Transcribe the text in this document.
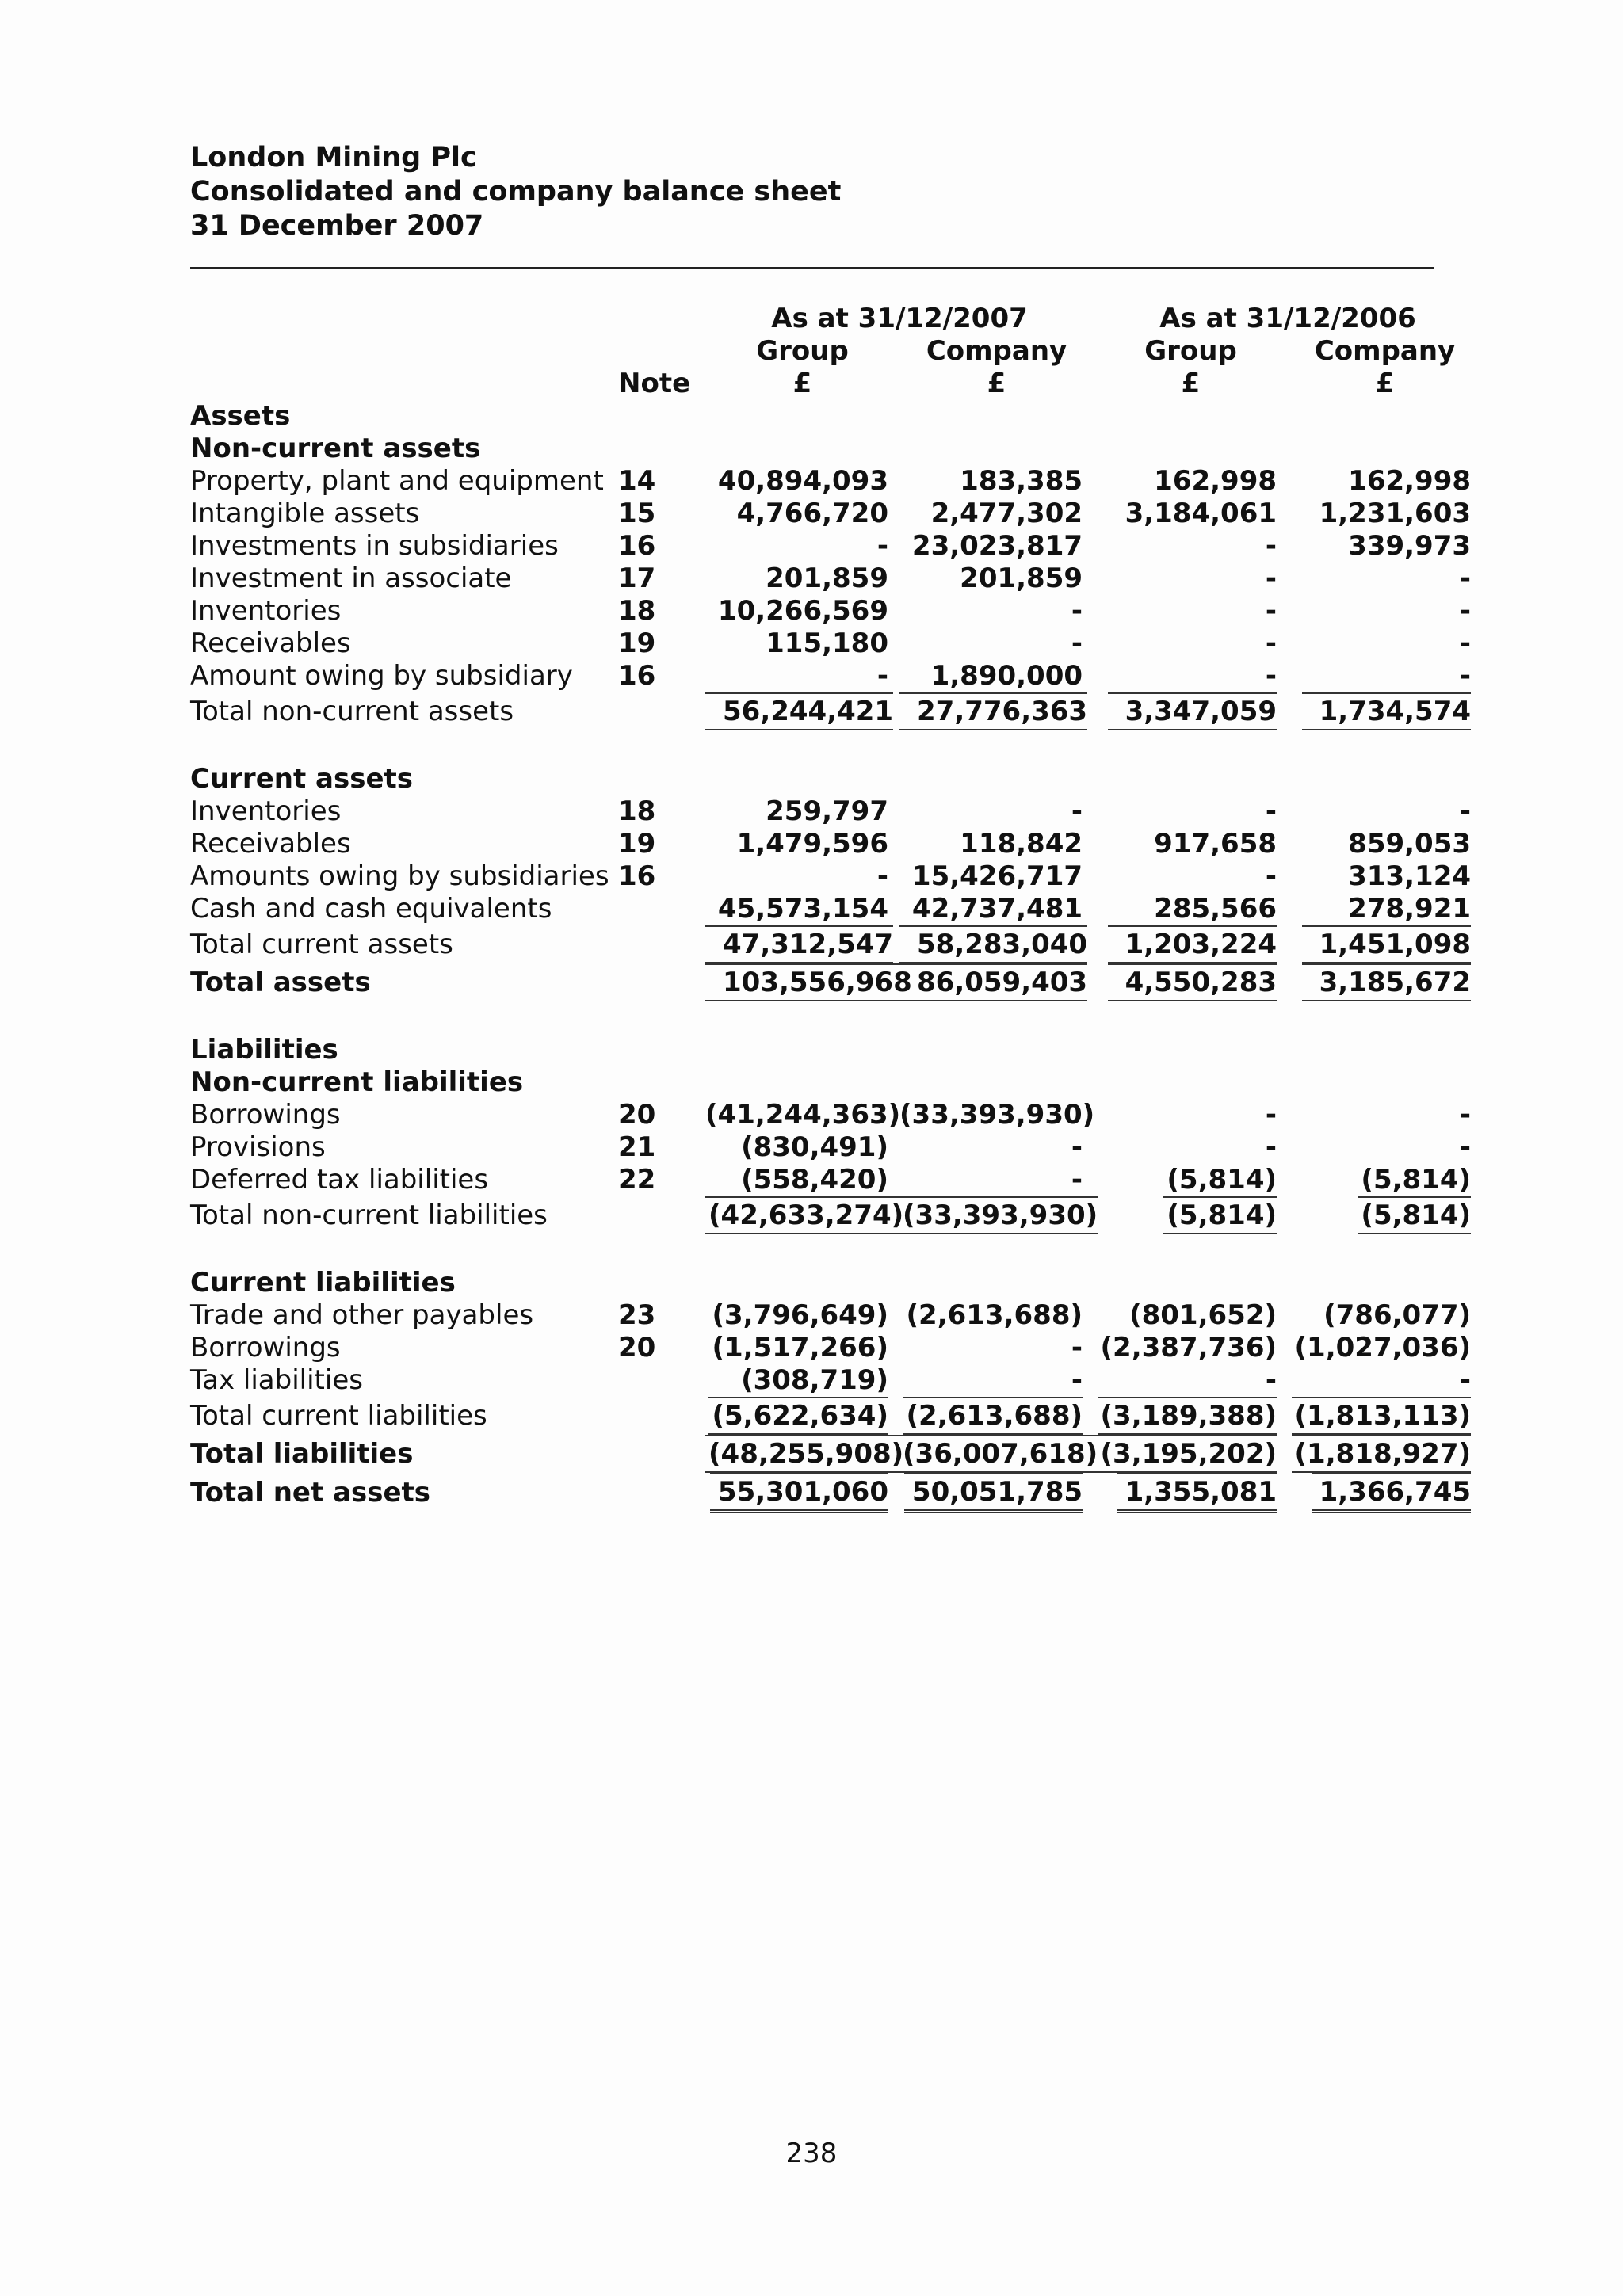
London Mining Plc
Consolidated and company balance sheet
31 December 2007
		As at 31/12/2007		As at 31/12/2006	
		Group	Company	Group	Company
	Note	£	£	£	£
Assets					
Non-current assets					
Property, plant and equipment	14	40,894,093	183,385	162,998	162,998
Intangible assets	15	4,766,720	2,477,302	3,184,061	1,231,603
Investments in subsidiaries	16	-	23,023,817	-	339,973
Investment in associate	17	201,859	201,859	-	-
Inventories	18	10,266,569	-	-	-
Receivables	19	115,180	-	-	-
Amount owing by subsidiary	16	-	1,890,000	-	-
Total non-current assets		56,244,421	27,776,363	3,347,059	1,734,574

Current assets					
Inventories	18	259,797	-	-	-
Receivables	19	1,479,596	118,842	917,658	859,053
Amounts owing by subsidiaries	16	-	15,426,717	-	313,124
Cash and cash equivalents		45,573,154	42,737,481	285,566	278,921
Total current assets		47,312,547	58,283,040	1,203,224	1,451,098
Total assets		103,556,968	86,059,403	4,550,283	3,185,672

Liabilities					
Non-current liabilities					
Borrowings	20	(41,244,363)	(33,393,930)	-	-
Provisions	21	(830,491)	-	-	-
Deferred tax liabilities	22	(558,420)	-	(5,814)	(5,814)
Total non-current liabilities		(42,633,274)	(33,393,930)	(5,814)	(5,814)

Current liabilities					
Trade and other payables	23	(3,796,649)	(2,613,688)	(801,652)	(786,077)
Borrowings	20	(1,517,266)	-	(2,387,736)	(1,027,036)
Tax liabilities		(308,719)	-	-	-
Total current liabilities		(5,622,634)	(2,613,688)	(3,189,388)	(1,813,113)
Total liabilities		(48,255,908)	(36,007,618)	(3,195,202)	(1,818,927)
Total net assets		55,301,060	50,051,785	1,355,081	1,366,745
238
